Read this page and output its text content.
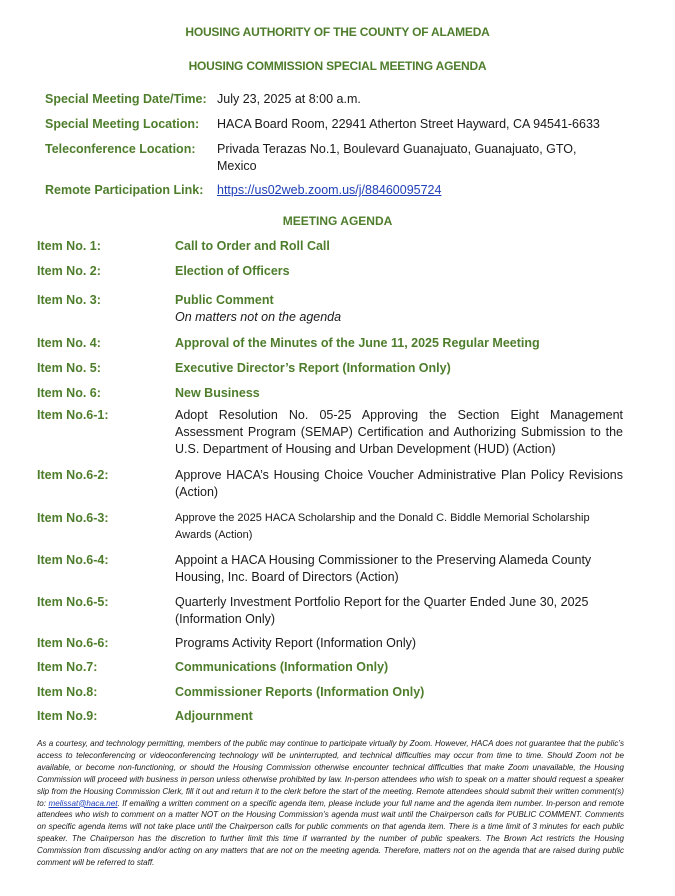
HOUSING AUTHORITY OF THE COUNTY OF ALAMEDA
HOUSING COMMISSION SPECIAL MEETING AGENDA
Special Meeting Date/Time: July 23, 2025 at 8:00 a.m.
Special Meeting Location:	HACA Board Room, 22941 Atherton Street Hayward, CA 94541-6633
Teleconference Location:	Privada Terazas No.1, Boulevard Guanajuato, Guanajuato, GTO, Mexico
Remote Participation Link:	https://us02web.zoom.us/j/88460095724
MEETING AGENDA
Item No. 1:	Call to Order and Roll Call
Item No. 2:	Election of Officers
Item No. 3:	Public Comment
On matters not on the agenda
Item No. 4:	Approval of the Minutes of the June 11, 2025 Regular Meeting
Item No. 5:	Executive Director’s Report (Information Only)
Item No. 6:	New Business
Item No.6-1:	Adopt Resolution No. 05-25 Approving the Section Eight Management Assessment Program (SEMAP) Certification and Authorizing Submission to the U.S. Department of Housing and Urban Development (HUD) (Action)
Item No.6-2:	Approve HACA’s Housing Choice Voucher Administrative Plan Policy Revisions (Action)
Item No.6-3:	Approve the 2025 HACA Scholarship and the Donald C. Biddle Memorial Scholarship Awards (Action)
Item No.6-4:	Appoint a HACA Housing Commissioner to the Preserving Alameda County Housing, Inc. Board of Directors (Action)
Item No.6-5:	Quarterly Investment Portfolio Report for the Quarter Ended June 30, 2025 (Information Only)
Item No.6-6:	Programs Activity Report (Information Only)
Item No.7:	Communications (Information Only)
Item No.8:	Commissioner Reports (Information Only)
Item No.9:	Adjournment
As a courtesy, and technology permitting, members of the public may continue to participate virtually by Zoom. However, HACA does not guarantee that the public’s access to teleconferencing or videoconferencing technology will be uninterrupted, and technical difficulties may occur from time to time. Should Zoom not be available, or become non-functioning, or should the Housing Commission otherwise encounter technical difficulties that make Zoom unavailable, the Housing Commission will proceed with business in person unless otherwise prohibited by law. In-person attendees who wish to speak on a matter should request a speaker slip from the Housing Commission Clerk, fill it out and return it to the clerk before the start of the meeting. Remote attendees should submit their written comment(s) to: melissat@haca.net. If emailing a written comment on a specific agenda item, please include your full name and the agenda item number. In-person and remote attendees who wish to comment on a matter NOT on the Housing Commission’s agenda must wait until the Chairperson calls for PUBLIC COMMENT. Comments on specific agenda items will not take place until the Chairperson calls for public comments on that agenda item. There is a time limit of 3 minutes for each public speaker. The Chairperson has the discretion to further limit this time if warranted by the number of public speakers. The Brown Act restricts the Housing Commission from discussing and/or acting on any matters that are not on the meeting agenda. Therefore, matters not on the agenda that are raised during public comment will be referred to staff.
